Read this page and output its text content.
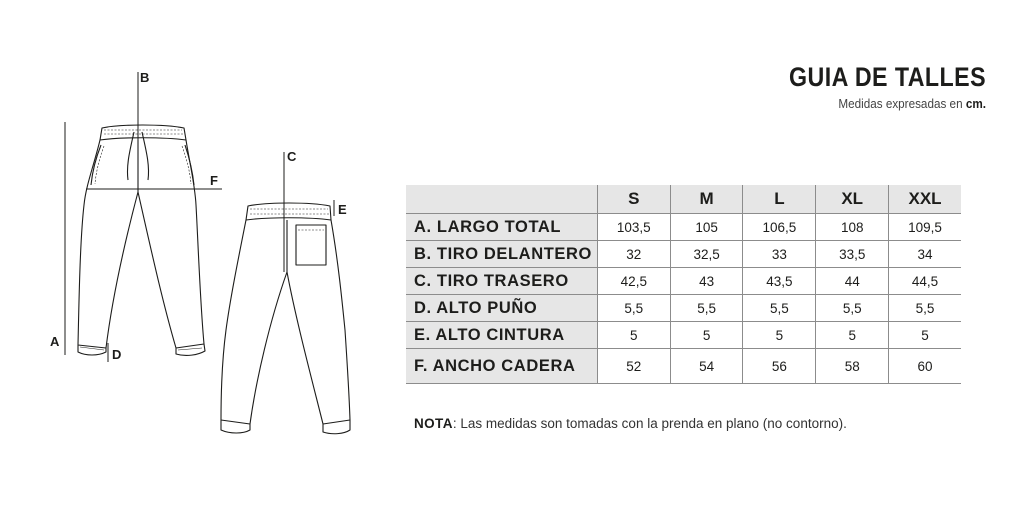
A
B
C
D
E
F
GUIA DE TALLES
Medidas expresadas en cm.
	S	M	L	XL	XXL
A. LARGO TOTAL	103,5	105	106,5	108	109,5
B. TIRO DELANTERO	32	32,5	33	33,5	34
C. TIRO TRASERO	42,5	43	43,5	44	44,5
D. ALTO PUÑO	5,5	5,5	5,5	5,5	5,5
E. ALTO CINTURA	5	5	5	5	5
F. ANCHO CADERA	52	54	56	58	60
NOTA: Las medidas son tomadas con la prenda en plano (no contorno).
